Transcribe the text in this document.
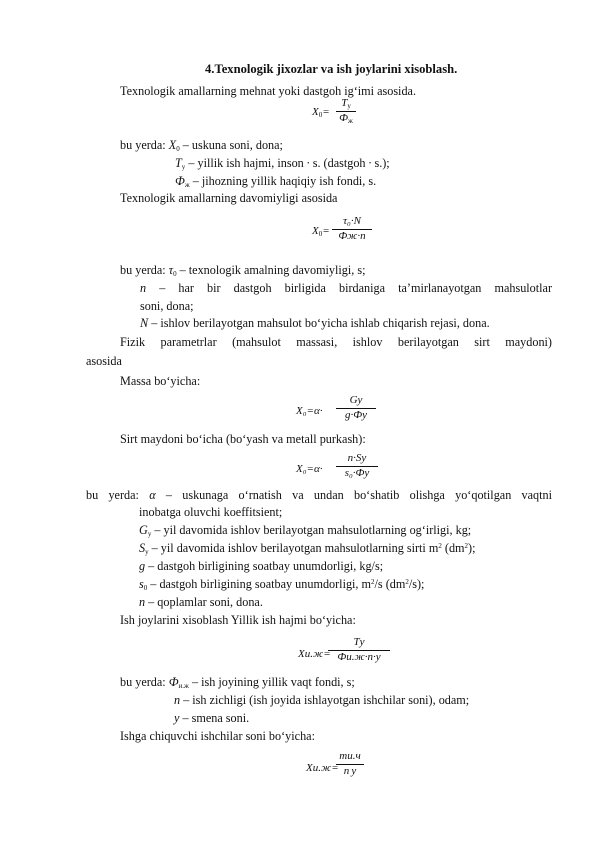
4.Texnologik jixozlar va ish joylarini xisoblash.
Texnologik amallarning mehnat yoki dastgoh ig‘imi asosida.
$X_0=$
$T_у$
$Ф_ж$
bu yerda: $X_0$ – uskuna soni, dona;
$T_у$ – yillik ish hajmi, inson · s. (dastgoh · s.);
$Ф_ж$ – jihozning yillik haqiqiy ish fondi, s.
Texnologik amallarning davomiyligi asosida
$X_0=$
τ₀·N
Фж·n
bu yerda: $\tau_0$ – texnologik amalning davomiyligi, s;
n – har bir dastgoh birligida birdaniga ta’mirlanayotgan mahsulotlar
soni, dona;
N – ishlov berilayotgan mahsulot bo‘yicha ishlab chiqarish rejasi, dona.
Fizik parametrlar (mahsulot massasi, ishlov berilayotgan sirt maydoni)
asosida
Massa bo‘yicha:
X₀=α·
Gу
g·Фу
Sirt maydoni bo‘icha (bo‘yash va metall purkash):
X₀=α·
n·Sу
s₀·Фу
bu yerda: α – uskunaga o‘rnatish va undan bo‘shatib olishga yo‘qotilgan vaqtni
inobatga oluvchi koeffitsient;
$G_у$ – yil davomida ishlov berilayotgan mahsulotlarning og‘irligi, kg;
$S_у$ – yil davomida ishlov berilayotgan mahsulotlarning sirti $m^2$ $(dm^2)$;
g – dastgoh birligining soatbay unumdorligi, kg/s;
$s_0$ – dastgoh birligining soatbay unumdorligi, $m^2/s$ $(dm^2/s)$;
n – qoplamlar soni, dona.
Ish joylarini xisoblash Yillik ish hajmi bo‘yicha:
Xи.ж=
Tу
Фи.ж·n·y
bu yerda: $Ф_{и.ж}$ – ish joyining yillik vaqt fondi, s;
n – ish zichligi (ish joyida ishlayotgan ishchilar soni), odam;
y – smena soni.
Ishga chiquvchi ishchilar soni bo‘yicha:
Xи.ж=
mи.ч
n y
